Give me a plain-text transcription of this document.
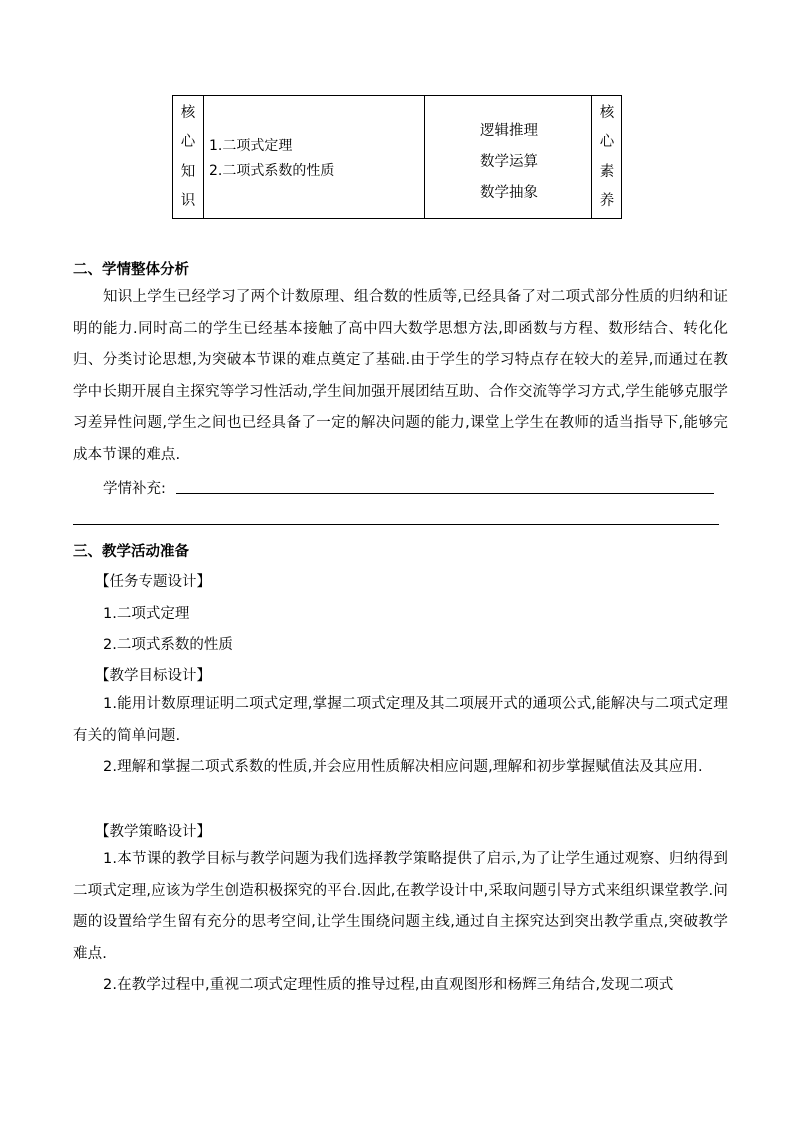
核
心
知
识
1.二项式定理
2.二项式系数的性质
逻辑推理
数学运算
数学抽象
核
心
素
养
二、学情整体分析
知识上学生已经学习了两个计数原理、组合数的性质等,已经具备了对二项式部分性质的归纳和证明的能力.同时高二的学生已经基本接触了高中四大数学思想方法,即函数与方程、数形结合、转化化归、分类讨论思想,为突破本节课的难点奠定了基础.由于学生的学习特点存在较大的差异,而通过在教学中长期开展自主探究等学习性活动,学生间加强开展团结互助、合作交流等学习方式,学生能够克服学习差异性问题,学生之间也已经具备了一定的解决问题的能力,课堂上学生在教师的适当指导下,能够完成本节课的难点.
学情补充:
三、教学活动准备
【任务专题设计】
1.二项式定理
2.二项式系数的性质
【教学目标设计】
1.能用计数原理证明二项式定理,掌握二项式定理及其二项展开式的通项公式,能解决与二项式定理有关的简单问题.
2.理解和掌握二项式系数的性质,并会应用性质解决相应问题,理解和初步掌握赋值法及其应用.
【教学策略设计】
1.本节课的教学目标与教学问题为我们选择教学策略提供了启示,为了让学生通过观察、归纳得到二项式定理,应该为学生创造积极探究的平台.因此,在教学设计中,采取问题引导方式来组织课堂教学.问题的设置给学生留有充分的思考空间,让学生围绕问题主线,通过自主探究达到突出教学重点,突破教学难点.
2.在教学过程中,重视二项式定理性质的推导过程,由直观图形和杨辉三角结合,发现二项式
